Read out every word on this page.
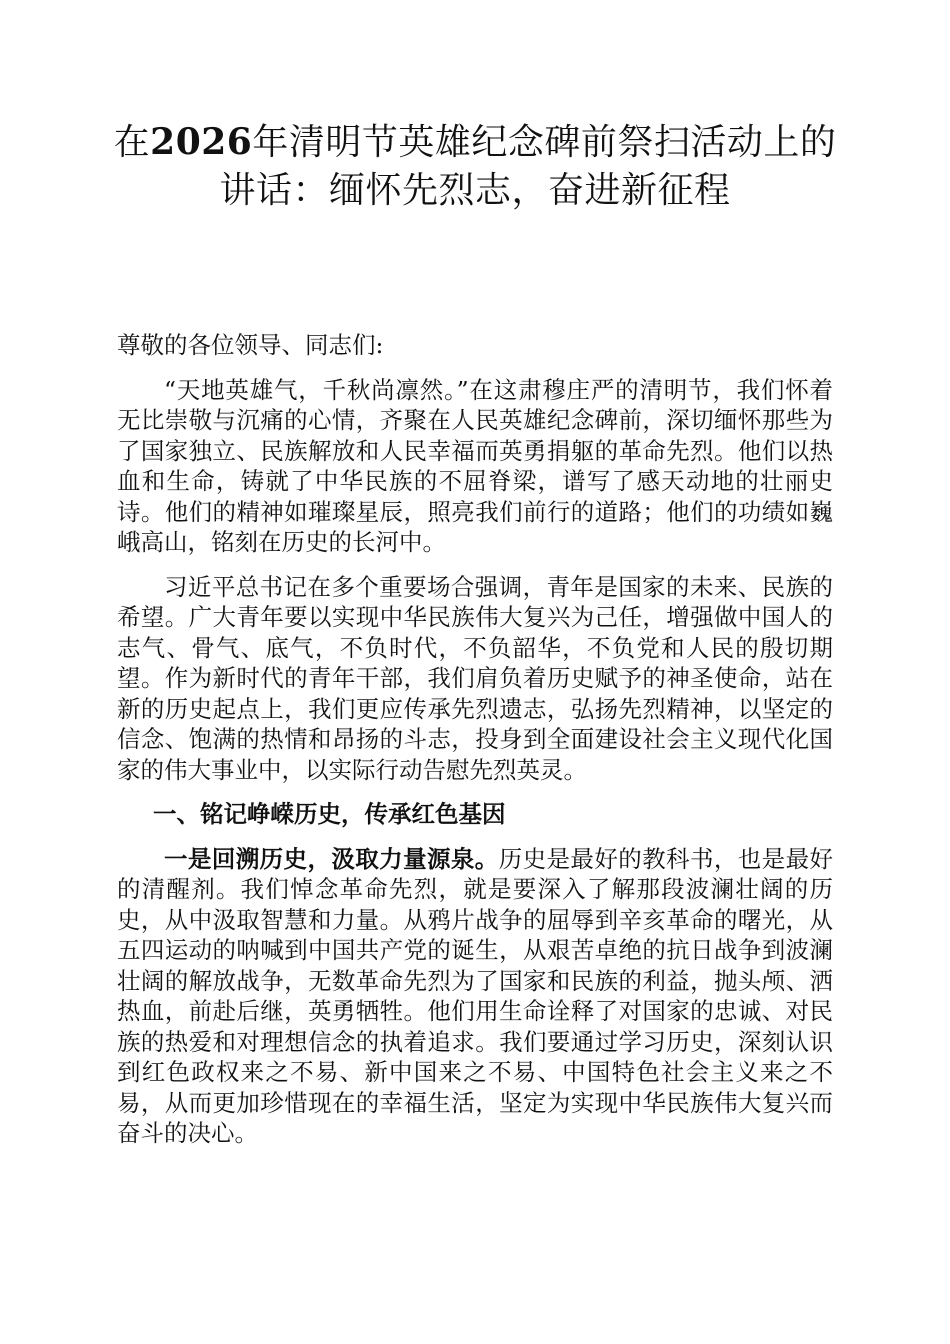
在2026年清明节英雄纪念碑前祭扫活动上的讲话：缅怀先烈志，奋进新征程

尊敬的各位领导、同志们:

“天地英雄气，千秋尚凛然。”在这肃穆庄严的清明节，我们怀着无比崇敬与沉痛的心情，齐聚在人民英雄纪念碑前，深切缅怀那些为了国家独立、民族解放和人民幸福而英勇捐躯的革命先烈。他们以热血和生命，铸就了中华民族的不屈脊梁，谱写了感天动地的壮丽史诗。他们的精神如璀璨星辰，照亮我们前行的道路；他们的功绩如巍峨高山，铭刻在历史的长河中。

习近平总书记在多个重要场合强调，青年是国家的未来、民族的希望。广大青年要以实现中华民族伟大复兴为己任，增强做中国人的志气、骨气、底气，不负时代，不负韶华，不负党和人民的殷切期望。作为新时代的青年干部，我们肩负着历史赋予的神圣使命，站在新的历史起点上，我们更应传承先烈遗志，弘扬先烈精神，以坚定的信念、饱满的热情和昂扬的斗志，投身到全面建设社会主义现代化国家的伟大事业中，以实际行动告慰先烈英灵。

一、铭记峥嵘历史，传承红色基因

一是回溯历史，汲取力量源泉。历史是最好的教科书，也是最好的清醒剂。我们悼念革命先烈，就是要深入了解那段波澜壮阔的历史，从中汲取智慧和力量。从鸦片战争的屈辱到辛亥革命的曙光，从五四运动的呐喊到中国共产党的诞生，从艰苦卓绝的抗日战争到波澜壮阔的解放战争，无数革命先烈为了国家和民族的利益，抛头颅、洒热血，前赴后继，英勇牺牲。他们用生命诠释了对国家的忠诚、对民族的热爱和对理想信念的执着追求。我们要通过学习历史，深刻认识到红色政权来之不易、新中国来之不易、中国特色社会主义来之不易，从而更加珍惜现在的幸福生活，坚定为实现中华民族伟大复兴而奋斗的决心。
